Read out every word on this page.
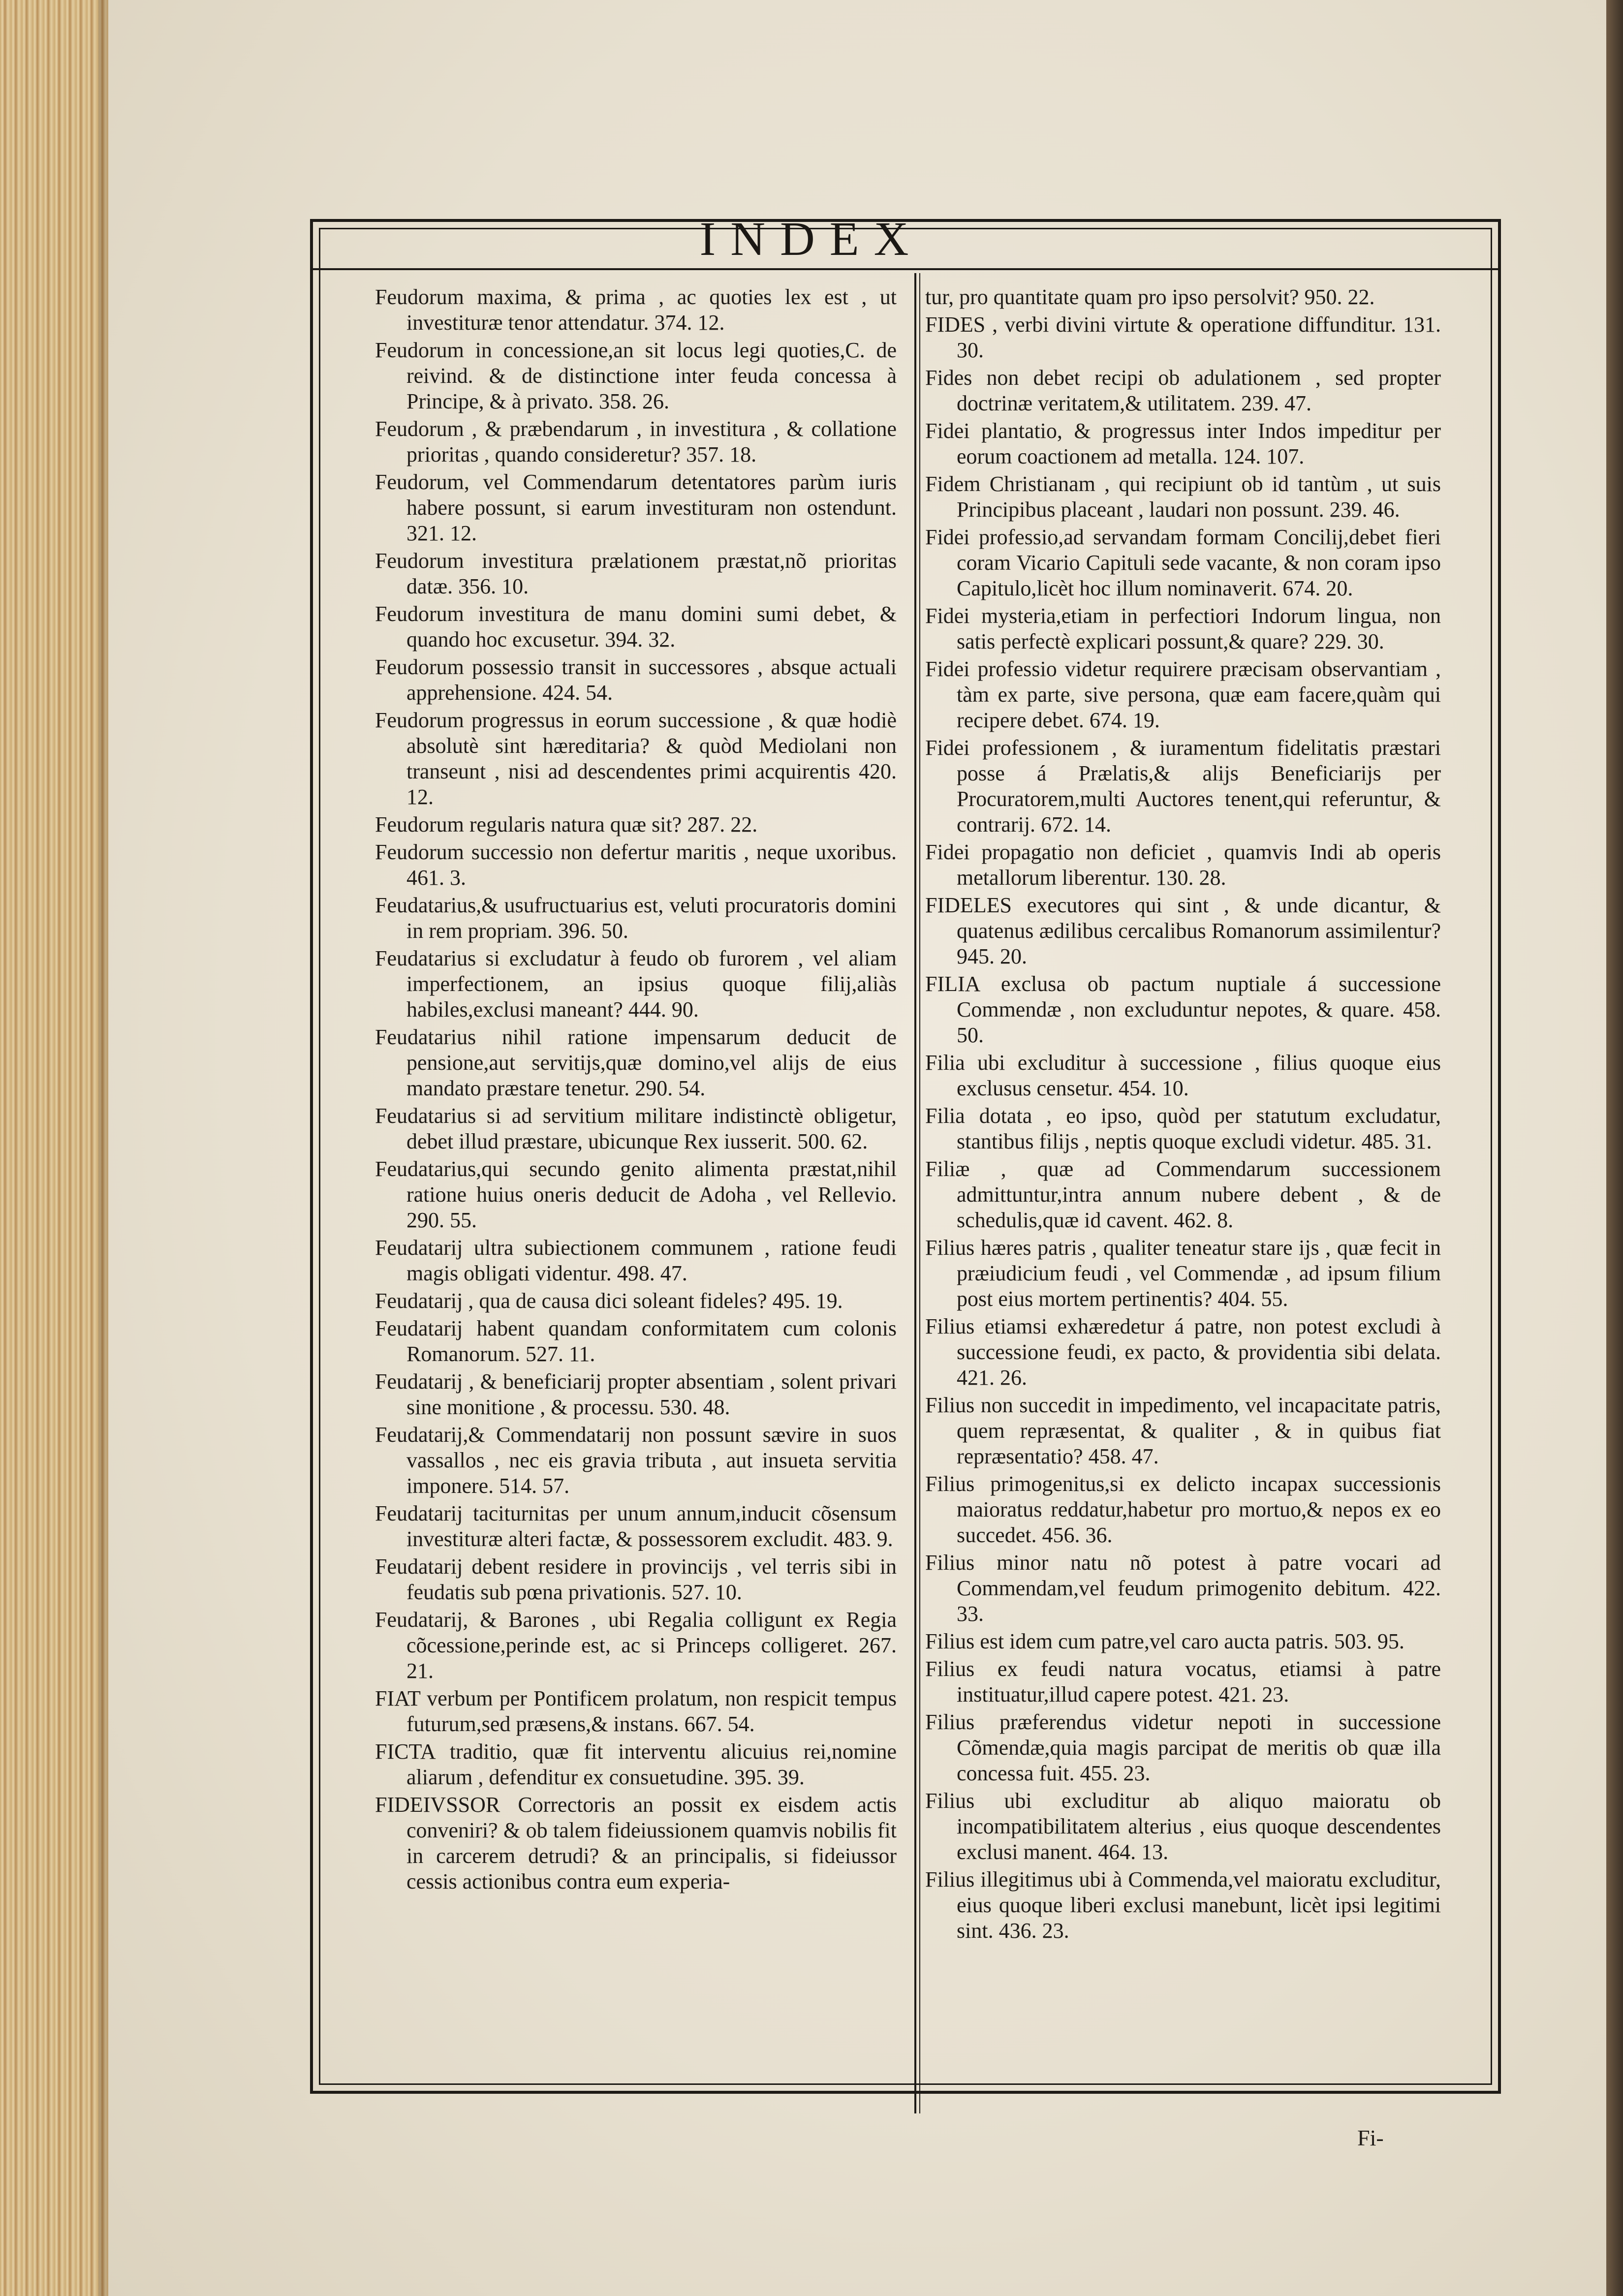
INDEX
Feudorum maxima, & prima , ac quoties lex est , ut investituræ tenor attendatur. 374. 12.
Feudorum in concessione,an sit locus legi quoties,C. de reivind. & de distinctione inter feuda concessa à Principe, & à privato. 358. 26.
Feudorum , & præbendarum , in investitura , & collatione prioritas , quando consideretur? 357. 18.
Feudorum, vel Commendarum detentatores parùm iuris habere possunt, si earum investituram non ostendunt. 321. 12.
Feudorum investitura prælationem præstat,nõ prioritas datæ. 356. 10.
Feudorum investitura de manu domini sumi debet, & quando hoc excusetur. 394. 32.
Feudorum possessio transit in successores , absque actuali apprehensione. 424. 54.
Feudorum progressus in eorum successione , & quæ hodiè absolutè sint hæreditaria? & quòd Mediolani non transeunt , nisi ad descendentes primi acquirentis 420. 12.
Feudorum regularis natura quæ sit? 287. 22.
Feudorum successio non defertur maritis , neque uxoribus. 461. 3.
Feudatarius,& usufructuarius est, veluti procuratoris domini in rem propriam. 396. 50.
Feudatarius si excludatur à feudo ob furorem , vel aliam imperfectionem, an ipsius quoque filij,aliàs habiles,exclusi maneant? 444. 90.
Feudatarius nihil ratione impensarum deducit de pensione,aut servitijs,quæ domino,vel alijs de eius mandato præstare tenetur. 290. 54.
Feudatarius si ad servitium militare indistinctè obligetur, debet illud præstare, ubicunque Rex iusserit. 500. 62.
Feudatarius,qui secundo genito alimenta præstat,nihil ratione huius oneris deducit de Adoha , vel Rellevio. 290. 55.
Feudatarij ultra subiectionem communem , ratione feudi magis obligati videntur. 498. 47.
Feudatarij , qua de causa dici soleant fideles? 495. 19.
Feudatarij habent quandam conformitatem cum colonis Romanorum. 527. 11.
Feudatarij , & beneficiarij propter absentiam , solent privari sine monitione , & processu. 530. 48.
Feudatarij,& Commendatarij non possunt sævire in suos vassallos , nec eis gravia tributa , aut insueta servitia imponere. 514. 57.
Feudatarij taciturnitas per unum annum,inducit cõsensum investituræ alteri factæ, & possessorem excludit. 483. 9.
Feudatarij debent residere in provincijs , vel terris sibi in feudatis sub pœna privationis. 527. 10.
Feudatarij, & Barones , ubi Regalia colligunt ex Regia cõcessione,perinde est, ac si Princeps colligeret. 267. 21.
FIAT verbum per Pontificem prolatum, non respicit tempus futurum,sed præsens,& instans. 667. 54.
FICTA traditio, quæ fit interventu alicuius rei,nomine aliarum , defenditur ex consuetudine. 395. 39.
FIDEIVSSOR Correctoris an possit ex eisdem actis conveniri? & ob talem fideiussionem quamvis nobilis fit in carcerem detrudi? & an principalis, si fideiussor cessis actionibus contra eum experia-
tur, pro quantitate quam pro ipso persolvit? 950. 22.
FIDES , verbi divini virtute & operatione diffunditur. 131. 30.
Fides non debet recipi ob adulationem , sed propter doctrinæ veritatem,& utilitatem. 239. 47.
Fidei plantatio, & progressus inter Indos impeditur per eorum coactionem ad metalla. 124. 107.
Fidem Christianam , qui recipiunt ob id tantùm , ut suis Principibus placeant , laudari non possunt. 239. 46.
Fidei professio,ad servandam formam Concilij,debet fieri coram Vicario Capituli sede vacante, & non coram ipso Capitulo,licèt hoc illum nominaverit. 674. 20.
Fidei mysteria,etiam in perfectiori Indorum lingua, non satis perfectè explicari possunt,& quare? 229. 30.
Fidei professio videtur requirere præcisam observantiam , tàm ex parte, sive persona, quæ eam facere,quàm qui recipere debet. 674. 19.
Fidei professionem , & iuramentum fidelitatis præstari posse á Prælatis,& alijs Beneficiarijs per Procuratorem,multi Auctores tenent,qui referuntur, & contrarij. 672. 14.
Fidei propagatio non deficiet , quamvis Indi ab operis metallorum liberentur. 130. 28.
FIDELES executores qui sint , & unde dicantur, & quatenus ædilibus cercalibus Romanorum assimilentur? 945. 20.
FILIA exclusa ob pactum nuptiale á successione Commendæ , non excluduntur nepotes, & quare. 458. 50.
Filia ubi excluditur à successione , filius quoque eius exclusus censetur. 454. 10.
Filia dotata , eo ipso, quòd per statutum excludatur, stantibus filijs , neptis quoque excludi videtur. 485. 31.
Filiæ , quæ ad Commendarum successionem admittuntur,intra annum nubere debent , & de schedulis,quæ id cavent. 462. 8.
Filius hæres patris , qualiter teneatur stare ijs , quæ fecit in præiudicium feudi , vel Commendæ , ad ipsum filium post eius mortem pertinentis? 404. 55.
Filius etiamsi exhæredetur á patre, non potest excludi à successione feudi, ex pacto, & providentia sibi delata. 421. 26.
Filius non succedit in impedimento, vel incapacitate patris, quem repræsentat, & qualiter , & in quibus fiat repræsentatio? 458. 47.
Filius primogenitus,si ex delicto incapax successionis maioratus reddatur,habetur pro mortuo,& nepos ex eo succedet. 456. 36.
Filius minor natu nõ potest à patre vocari ad Commendam,vel feudum primogenito debitum. 422. 33.
Filius est idem cum patre,vel caro aucta patris. 503. 95.
Filius ex feudi natura vocatus, etiamsi à patre instituatur,illud capere potest. 421. 23.
Filius præferendus videtur nepoti in successione Cõmendæ,quia magis parcipat de meritis ob quæ illa concessa fuit. 455. 23.
Filius ubi excluditur ab aliquo maioratu ob incompatibilitatem alterius , eius quoque descendentes exclusi manent. 464. 13.
Filius illegitimus ubi à Commenda,vel maioratu excluditur, eius quoque liberi exclusi manebunt, licèt ipsi legitimi sint. 436. 23.
Fi-
